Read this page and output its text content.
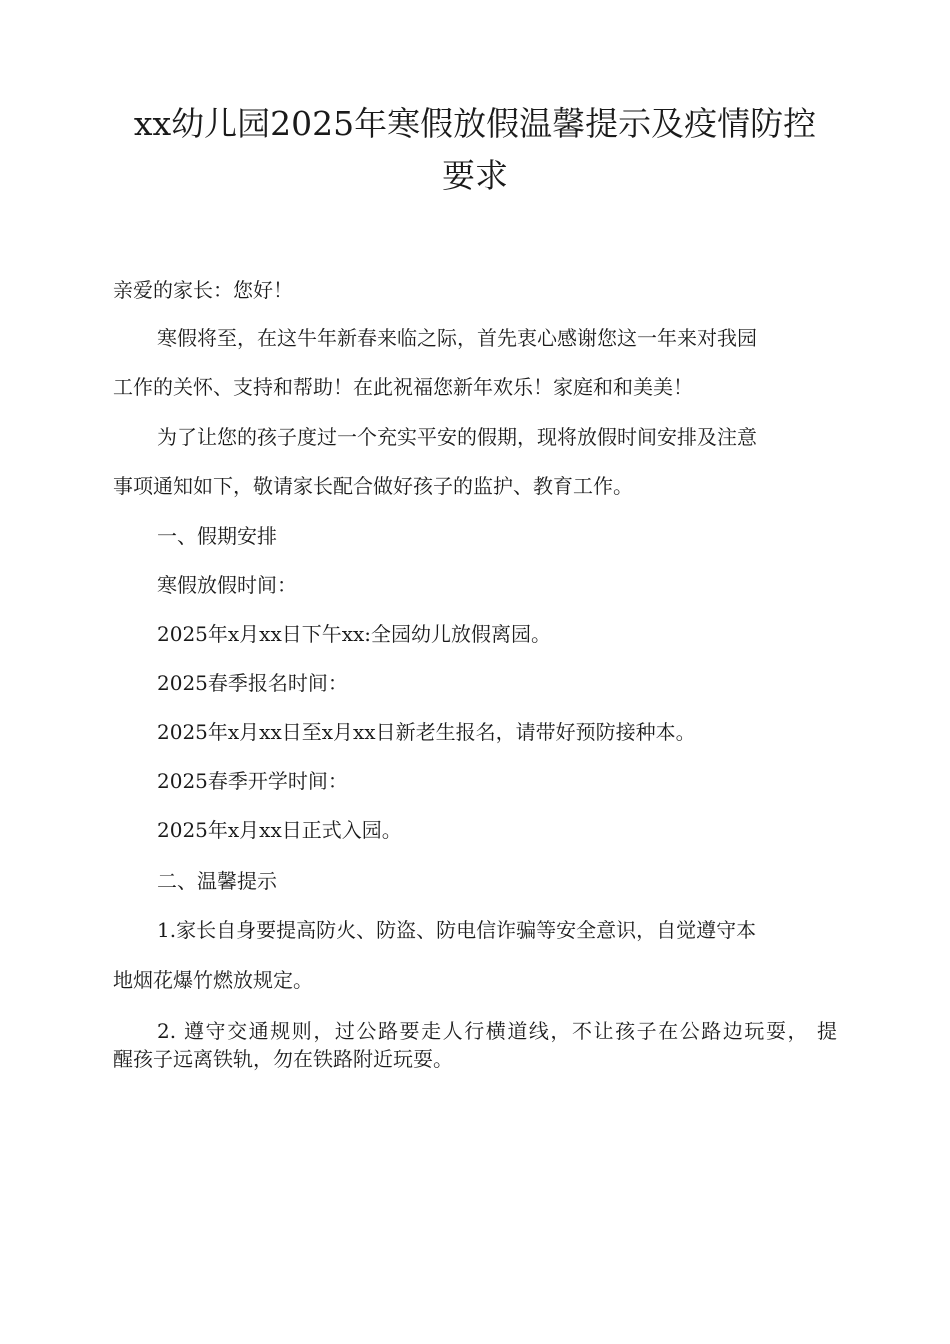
xx幼儿园2025年寒假放假温馨提示及疫情防控
要求

亲爱的家长：您好！

寒假将至，在这牛年新春来临之际，首先衷心感谢您这一年来对我园

工作的关怀、支持和帮助！在此祝福您新年欢乐！家庭和和美美！

为了让您的孩子度过一个充实平安的假期，现将放假时间安排及注意

事项通知如下，敬请家长配合做好孩子的监护、教育工作。

一、假期安排

寒假放假时间：

2025年x月xx日下午xx:全园幼儿放假离园。

2025春季报名时间：

2025年x月xx日至x月xx日新老生报名，请带好预防接种本。

2025春季开学时间：

2025年x月xx日正式入园。

二、温馨提示

1.家长自身要提高防火、防盗、防电信诈骗等安全意识，自觉遵守本

地烟花爆竹燃放规定。

2. 遵守交通规则，过公路要走人行横道线，不让孩子在公路边玩耍， 提

醒孩子远离铁轨，勿在铁路附近玩耍。
